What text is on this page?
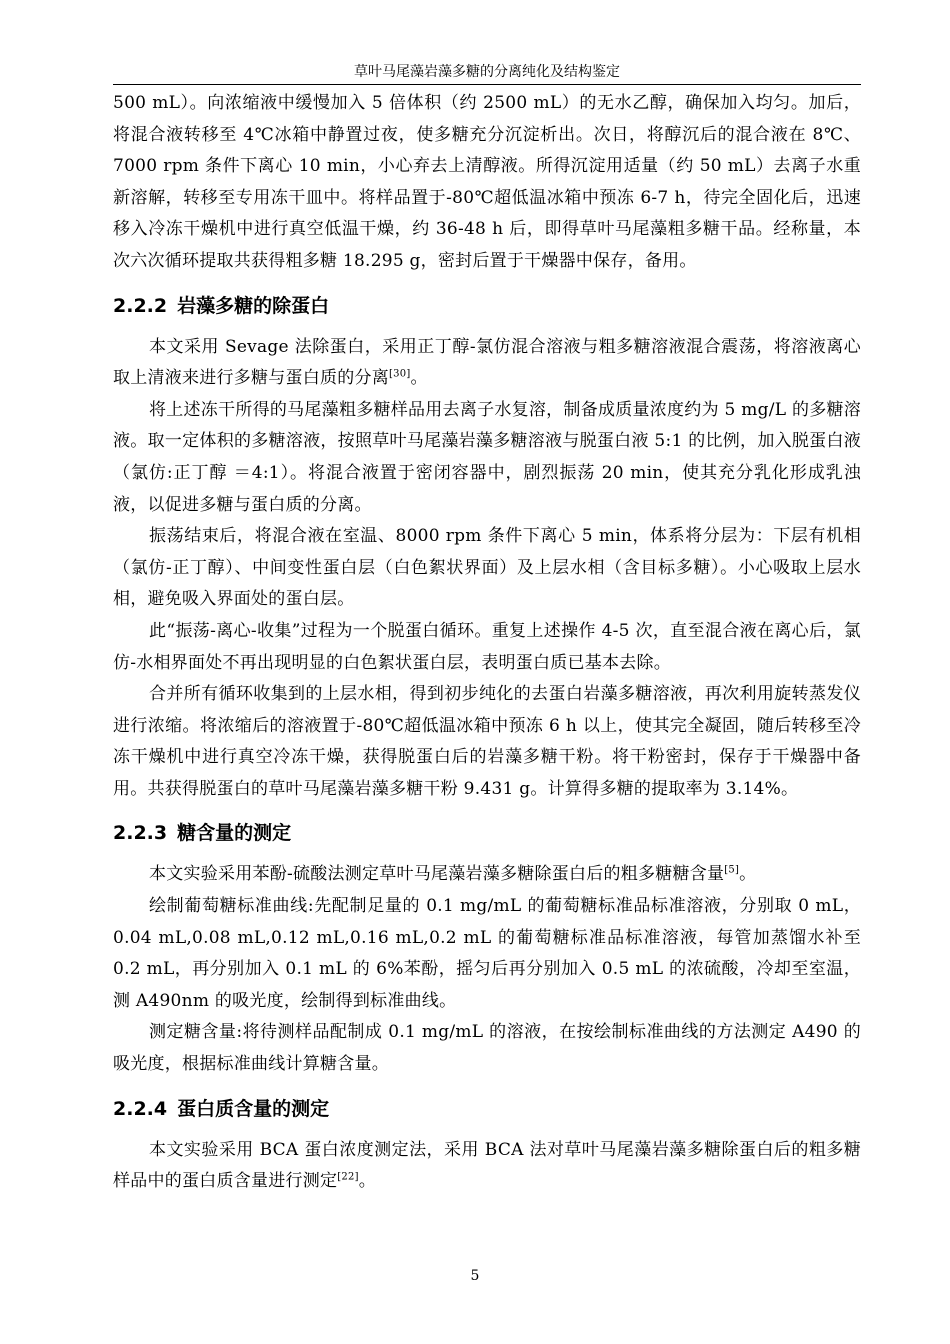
草叶马尾藻岩藻多糖的分离纯化及结构鉴定

500 mL）。向浓缩液中缓慢加入 5 倍体积（约 2500 mL）的无水乙醇，确保加入均匀。加后，将混合液转移至 4℃冰箱中静置过夜，使多糖充分沉淀析出。次日，将醇沉后的混合液在 8℃、7000 rpm 条件下离心 10 min，小心弃去上清醇液。所得沉淀用适量（约 50 mL）去离子水重新溶解，转移至专用冻干皿中。将样品置于-80℃超低温冰箱中预冻 6-7 h，待完全固化后，迅速移入冷冻干燥机中进行真空低温干燥，约 36-48 h 后，即得草叶马尾藻粗多糖干品。经称量，本次六次循环提取共获得粗多糖 18.295 g，密封后置于干燥器中保存，备用。

2.2.2 岩藻多糖的除蛋白

本文采用 Sevage 法除蛋白，采用正丁醇-氯仿混合溶液与粗多糖溶液混合震荡，将溶液离心取上清液来进行多糖与蛋白质的分离[30]。

将上述冻干所得的马尾藻粗多糖样品用去离子水复溶，制备成质量浓度约为 5 mg/L 的多糖溶液。取一定体积的多糖溶液，按照草叶马尾藻岩藻多糖溶液与脱蛋白液 5:1 的比例，加入脱蛋白液（氯仿:正丁醇 ＝4:1）。将混合液置于密闭容器中，剧烈振荡 20 min，使其充分乳化形成乳浊液，以促进多糖与蛋白质的分离。

振荡结束后，将混合液在室温、8000 rpm 条件下离心 5 min，体系将分层为：下层有机相（氯仿-正丁醇）、中间变性蛋白层（白色絮状界面）及上层水相（含目标多糖）。小心吸取上层水相，避免吸入界面处的蛋白层。

此“振荡-离心-收集”过程为一个脱蛋白循环。重复上述操作 4-5 次，直至混合液在离心后，氯仿-水相界面处不再出现明显的白色絮状蛋白层，表明蛋白质已基本去除。

合并所有循环收集到的上层水相，得到初步纯化的去蛋白岩藻多糖溶液，再次利用旋转蒸发仪进行浓缩。将浓缩后的溶液置于-80℃超低温冰箱中预冻 6 h 以上，使其完全凝固，随后转移至冷冻干燥机中进行真空冷冻干燥，获得脱蛋白后的岩藻多糖干粉。将干粉密封，保存于干燥器中备用。共获得脱蛋白的草叶马尾藻岩藻多糖干粉 9.431 g。计算得多糖的提取率为 3.14%。

2.2.3 糖含量的测定

本文实验采用苯酚-硫酸法测定草叶马尾藻岩藻多糖除蛋白后的粗多糖糖含量[5]。

绘制葡萄糖标准曲线:先配制足量的 0.1 mg/mL 的葡萄糖标准品标准溶液，分别取 0 mL，0.04 mL,0.08 mL,0.12 mL,0.16 mL,0.2 mL 的葡萄糖标准品标准溶液，每管加蒸馏水补至 0.2 mL，再分别加入 0.1 mL 的 6%苯酚，摇匀后再分别加入 0.5 mL 的浓硫酸，冷却至室温，测 A490nm 的吸光度，绘制得到标准曲线。

测定糖含量:将待测样品配制成 0.1 mg/mL 的溶液，在按绘制标准曲线的方法测定 A490 的吸光度，根据标准曲线计算糖含量。

2.2.4 蛋白质含量的测定

本文实验采用 BCA 蛋白浓度测定法，采用 BCA 法对草叶马尾藻岩藻多糖除蛋白后的粗多糖样品中的蛋白质含量进行测定[22]。

5
